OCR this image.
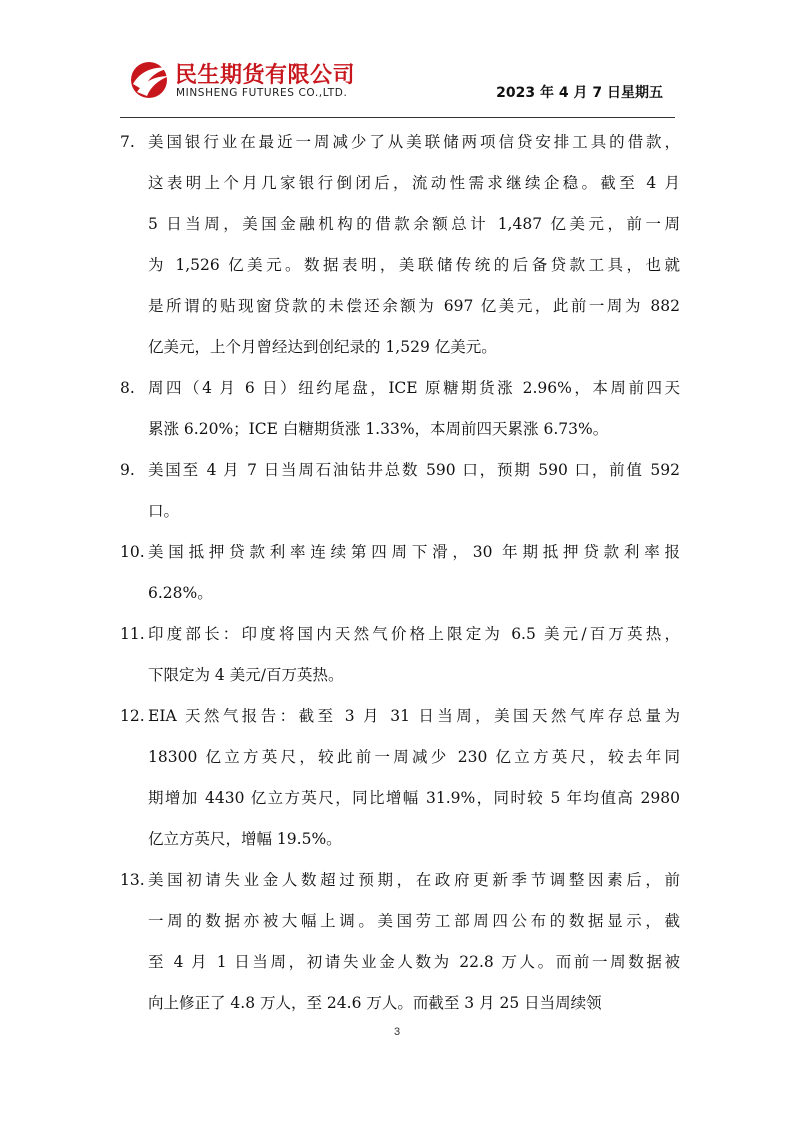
民生期货有限公司
MINSHENG FUTURES CO.,LTD.	2023 年 4 月 7 日星期五
7. 美国银行业在最近一周减少了从美联储两项信贷安排工具的借款，
这表明上个月几家银行倒闭后，流动性需求继续企稳。截至 4 月
5 日当周，美国金融机构的借款余额总计 1,487 亿美元，前一周
为 1,526 亿美元。数据表明，美联储传统的后备贷款工具，也就
是所谓的贴现窗贷款的未偿还余额为 697 亿美元，此前一周为 882
亿美元，上个月曾经达到创纪录的 1,529 亿美元。
8. 周四（4 月 6 日）纽约尾盘，ICE 原糖期货涨 2.96%，本周前四天
累涨 6.20%；ICE 白糖期货涨 1.33%，本周前四天累涨 6.73%。
9. 美国至 4 月 7 日当周石油钻井总数 590 口，预期 590 口，前值 592
口。
10. 美国抵押贷款利率连续第四周下滑，30 年期抵押贷款利率报
6.28%。
11. 印度部长：印度将国内天然气价格上限定为 6.5 美元/百万英热，
下限定为 4 美元/百万英热。
12. EIA 天然气报告：截至 3 月 31 日当周，美国天然气库存总量为
18300 亿立方英尺，较此前一周减少 230 亿立方英尺，较去年同
期增加 4430 亿立方英尺，同比增幅 31.9%，同时较 5 年均值高 2980
亿立方英尺，增幅 19.5%。
13. 美国初请失业金人数超过预期，在政府更新季节调整因素后，前
一周的数据亦被大幅上调。美国劳工部周四公布的数据显示，截
至 4 月 1 日当周，初请失业金人数为 22.8 万人。而前一周数据被
向上修正了 4.8 万人，至 24.6 万人。而截至 3 月 25 日当周续领
3
